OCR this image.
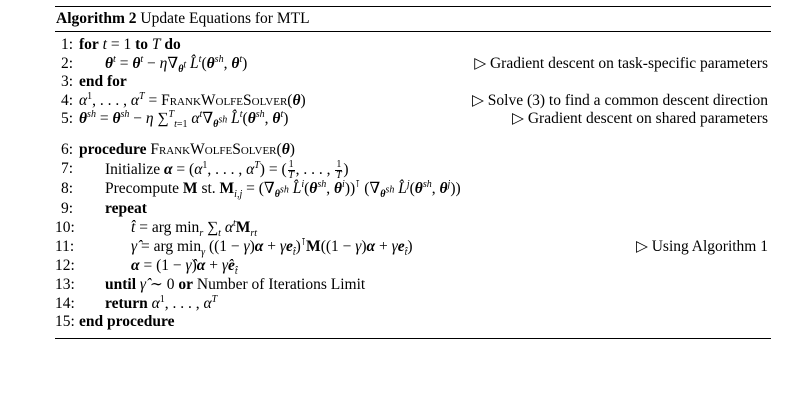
Algorithm 2 Update Equations for MTL
1: for t = 1 to T do
2: $\theta^t = \theta^t - \eta\nabla_{\theta^t}$ $L̂^t(\theta^{sh}$, $\theta^t$)	▷ Gradient descent on task-specific parameters
3: end for
4: $\alpha^1$, . . . , $\alpha^T$ = FrankWolfeSolver(θ)	▷ Solve (3) to find a common descent direction
5: $\theta^{sh} = \theta^{sh} - \eta$ ∑$^T_{t=1}$ $\alpha^t\nabla_{\theta^{sh}}$ $L̂^t(\theta^{sh}$, $\theta^t$)	▷ Gradient descent on shared parameters
6: procedure FrankWolfeSolver(θ)
7: Initialize $\alpha = (\alpha^1$, . . . , $\alpha^T$) = ( $\frac{1}{T}$ , . . . , $\frac{1}{T}$ )
8: Precompute M st. $M_{i,j} = (\nabla_{\theta^{sh}}$ $L̂^i(\theta^{sh}$, $\theta^i))^⊺$ ($\nabla_{\theta^{sh}}$ $L̂^j(\theta^{sh}$, $\theta^j$))
9: repeat
10:	t̂ = arg $\min_r \sum_t$ $\alpha^tM_{rt}$
11:	γ̂ = arg $\min_\gamma ((1 - \gamma)\alpha + \gamma e_{t̂})^⊺M((1 - \gamma)\alpha + \gamma e_{t̂})$	▷ Using Algorithm 1
12:	α = (1 − γ̂)α + $\gammâe_{t̂}$
13: until γ̂ ∼ 0 or Number of Iterations Limit
14: return $\alpha^1$, . . . , $\alpha^T$
15: end procedure
